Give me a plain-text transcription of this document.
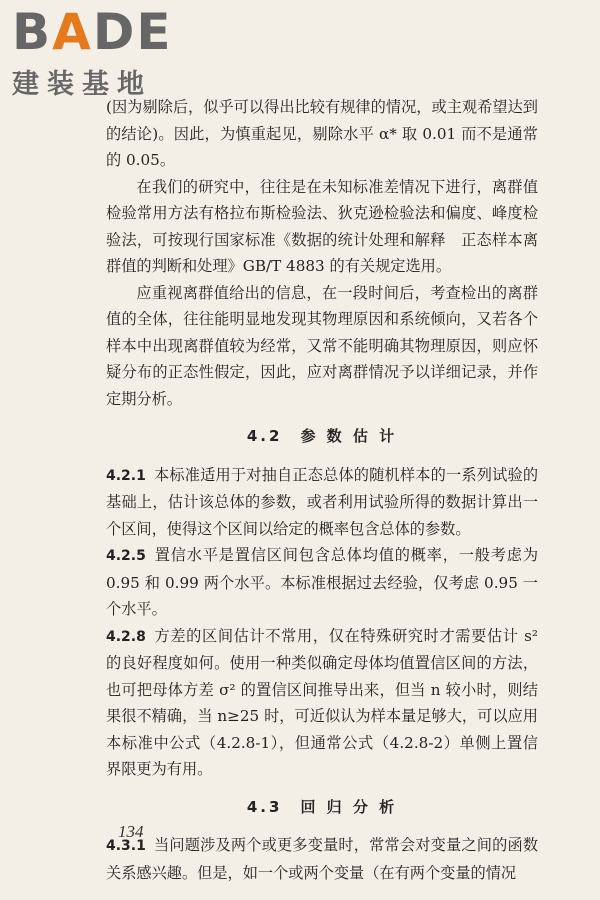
BADE
建装基地

(因为剔除后，似乎可以得出比较有规律的情况，或主观希望达到的结论)。因此，为慎重起见，剔除水平 α* 取 0.01 而不是通常的 0.05。

在我们的研究中，往往是在未知标准差情况下进行，离群值检验常用方法有格拉布斯检验法、狄克逊检验法和偏度、峰度检验法，可按现行国家标准《数据的统计处理和解释　正态样本离群值的判断和处理》GB/T 4883 的有关规定选用。

应重视离群值给出的信息，在一段时间后，考查检出的离群值的全体，往往能明显地发现其物理原因和系统倾向，又若各个样本中出现离群值较为经常，又常不能明确其物理原因，则应怀疑分布的正态性假定，因此，应对离群情况予以详细记录，并作定期分析。

4.2　参 数 估 计

4.2.1 本标准适用于对抽自正态总体的随机样本的一系列试验的基础上，估计该总体的参数，或者利用试验所得的数据计算出一个区间，使得这个区间以给定的概率包含总体的参数。

4.2.5 置信水平是置信区间包含总体均值的概率，一般考虑为 0.95 和 0.99 两个水平。本标准根据过去经验，仅考虑 0.95 一个水平。

4.2.8 方差的区间估计不常用，仅在特殊研究时才需要估计 s² 的良好程度如何。使用一种类似确定母体均值置信区间的方法，也可把母体方差 σ² 的置信区间推导出来，但当 n 较小时，则结果很不精确，当 n≥25 时，可近似认为样本量足够大，可以应用本标准中公式（4.2.8-1），但通常公式（4.2.8-2）单侧上置信界限更为有用。

4.3　回 归 分 析

4.3.1 当问题涉及两个或更多变量时，常常会对变量之间的函数关系感兴趣。但是，如一个或两个变量（在有两个变量的情况

134
